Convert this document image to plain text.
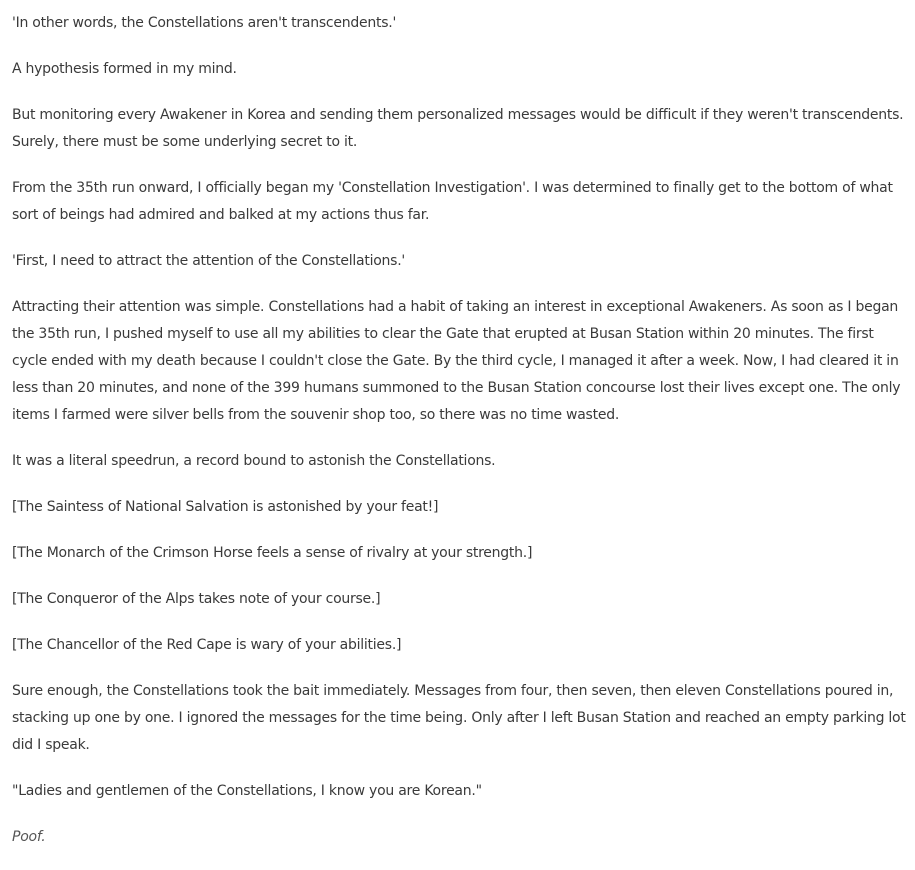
'In other words, the Constellations aren't transcendents.'

A hypothesis formed in my mind.

But monitoring every Awakener in Korea and sending them personalized messages would be difficult if they weren't transcendents. Surely, there must be some underlying secret to it.

From the 35th run onward, I officially began my 'Constellation Investigation'. I was determined to finally get to the bottom of what sort of beings had admired and balked at my actions thus far.

'First, I need to attract the attention of the Constellations.'

Attracting their attention was simple. Constellations had a habit of taking an interest in exceptional Awakeners. As soon as I began the 35th run, I pushed myself to use all my abilities to clear the Gate that erupted at Busan Station within 20 minutes. The first cycle ended with my death because I couldn't close the Gate. By the third cycle, I managed it after a week. Now, I had cleared it in less than 20 minutes, and none of the 399 humans summoned to the Busan Station concourse lost their lives except one. The only items I farmed were silver bells from the souvenir shop too, so there was no time wasted.

It was a literal speedrun, a record bound to astonish the Constellations.

[The Saintess of National Salvation is astonished by your feat!]

[The Monarch of the Crimson Horse feels a sense of rivalry at your strength.]

[The Conqueror of the Alps takes note of your course.]

[The Chancellor of the Red Cape is wary of your abilities.]

Sure enough, the Constellations took the bait immediately. Messages from four, then seven, then eleven Constellations poured in, stacking up one by one. I ignored the messages for the time being. Only after I left Busan Station and reached an empty parking lot did I speak.

"Ladies and gentlemen of the Constellations, I know you are Korean."

Poof.
